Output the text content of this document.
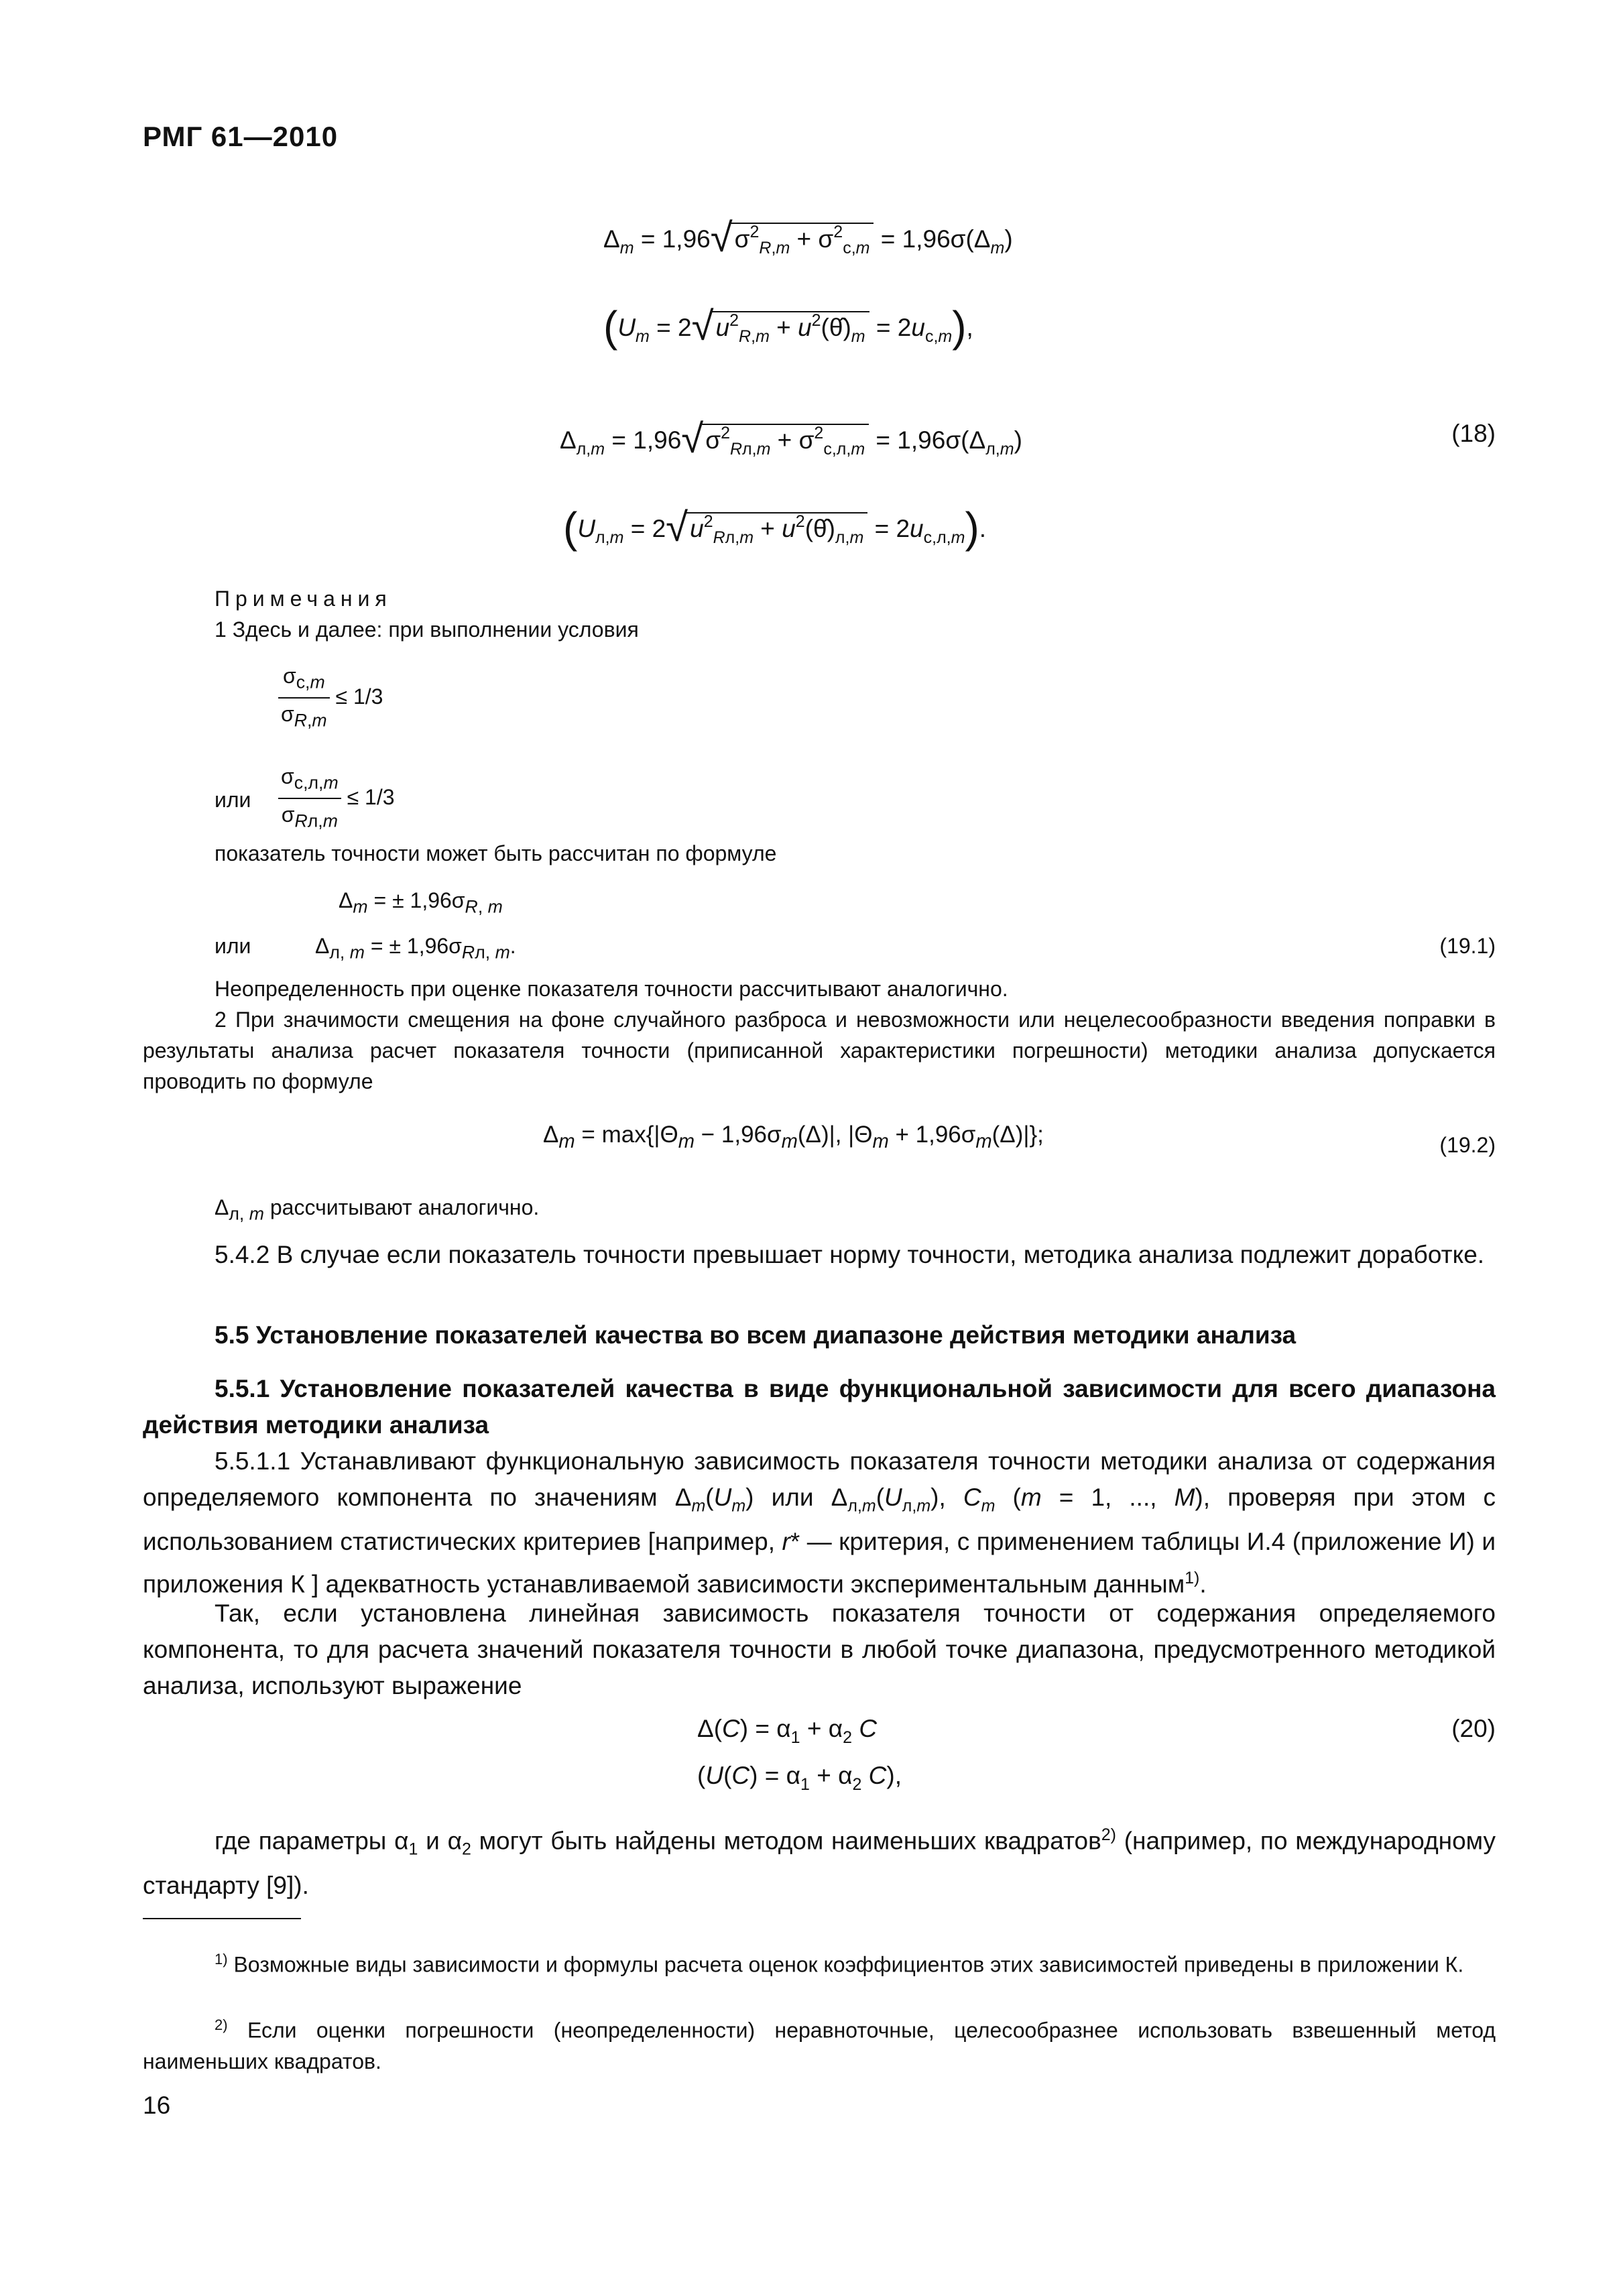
РМГ 61—2010
$\Delta_m = 1,96√\sigma^2_{R,m} + \sigma^2_{с,m} = 1,96\sigma(\Delta_m)$
($U_m = 2√u^2_{R,m}$ + $u^2(\thetâ)_m = 2u_{с,m}$),
$\Delta_{л,m} = 1,96√\sigma^2_{Rл,m} + \sigma^2_{с,л,m} = 1,96\sigma(\Delta_{л,m})$	(18)
($U_{л,m} = 2√u^2_{Rл,m}$ + $u^2(\thetâ)_{л,m} = 2u_{с,л,m}$).
Примечания
1 Здесь и далее: при выполнении условия
$\frac{\sigma_{с,m}}{\sigma_{R,m}} \le 1/3$
или $\frac{\sigma_{с,л,m}}{\sigma_{Rл,m}} \le 1/3$
показатель точности может быть рассчитан по формуле
$\Delta_m$ = ± $1,96\sigma_{R, m}$
или	$\Delta_{л, m}$ = ± $1,96\sigma_{Rл, m}$.	(19.1)
Неопределенность при оценке показателя точности рассчитывают аналогично.
2 При значимости смещения на фоне случайного разброса и невозможности или нецелесообразности введения поправки в результаты анализа расчет показателя точности (приписанной характеристики погрешности) методики анализа допускается проводить по формуле
$\Delta_m = \max\{|\Theta_m - 1,96\sigma_m(\Delta)|$, $|\Theta_m + 1,96\sigma_m(\Delta)|$};	(19.2)
$\Delta_{л, m}$ рассчитывают аналогично.
5.4.2 В случае если показатель точности превышает норму точности, методика анализа подлежит доработке.
5.5 Установление показателей качества во всем диапазоне действия методики анализа
5.5.1 Установление показателей качества в виде функциональной зависимости для всего диапазона действия методики анализа
5.5.1.1 Устанавливают функциональную зависимость показателя точности методики анализа от содержания определяемого компонента по значениям $\Delta_m(U_m)$ или $\Delta_{л,m}(U_{л,m})$, $C_m$ (m = 1, ..., M), проверяя при этом с использованием статистических критериев [например, r* — критерия, с применением таблицы И.4 (приложение И) и приложения К ] адекватность устанавливаемой зависимости экспериментальным данным$^{1)}$.
Так, если установлена линейная зависимость показателя точности от содержания определяемого компонента, то для расчета значений показателя точности в любой точке диапазона, предусмотренного методикой анализа, используют выражение
$\Delta(C) = \alpha_1 + \alpha_2$ C	(20)
($U(C) = \alpha_1 + \alpha_2$ C),
где параметры $\alpha_1$ и $\alpha_2$ могут быть найдены методом наименьших квадратов$^{2)}$ (например, по международному стандарту [9]).
$^{1)}$ Возможные виды зависимости и формулы расчета оценок коэффициентов этих зависимостей приведены в приложении К.
$^{2)}$ Если оценки погрешности (неопределенности) неравноточные, целесообразнее использовать взвешенный метод наименьших квадратов.
16
